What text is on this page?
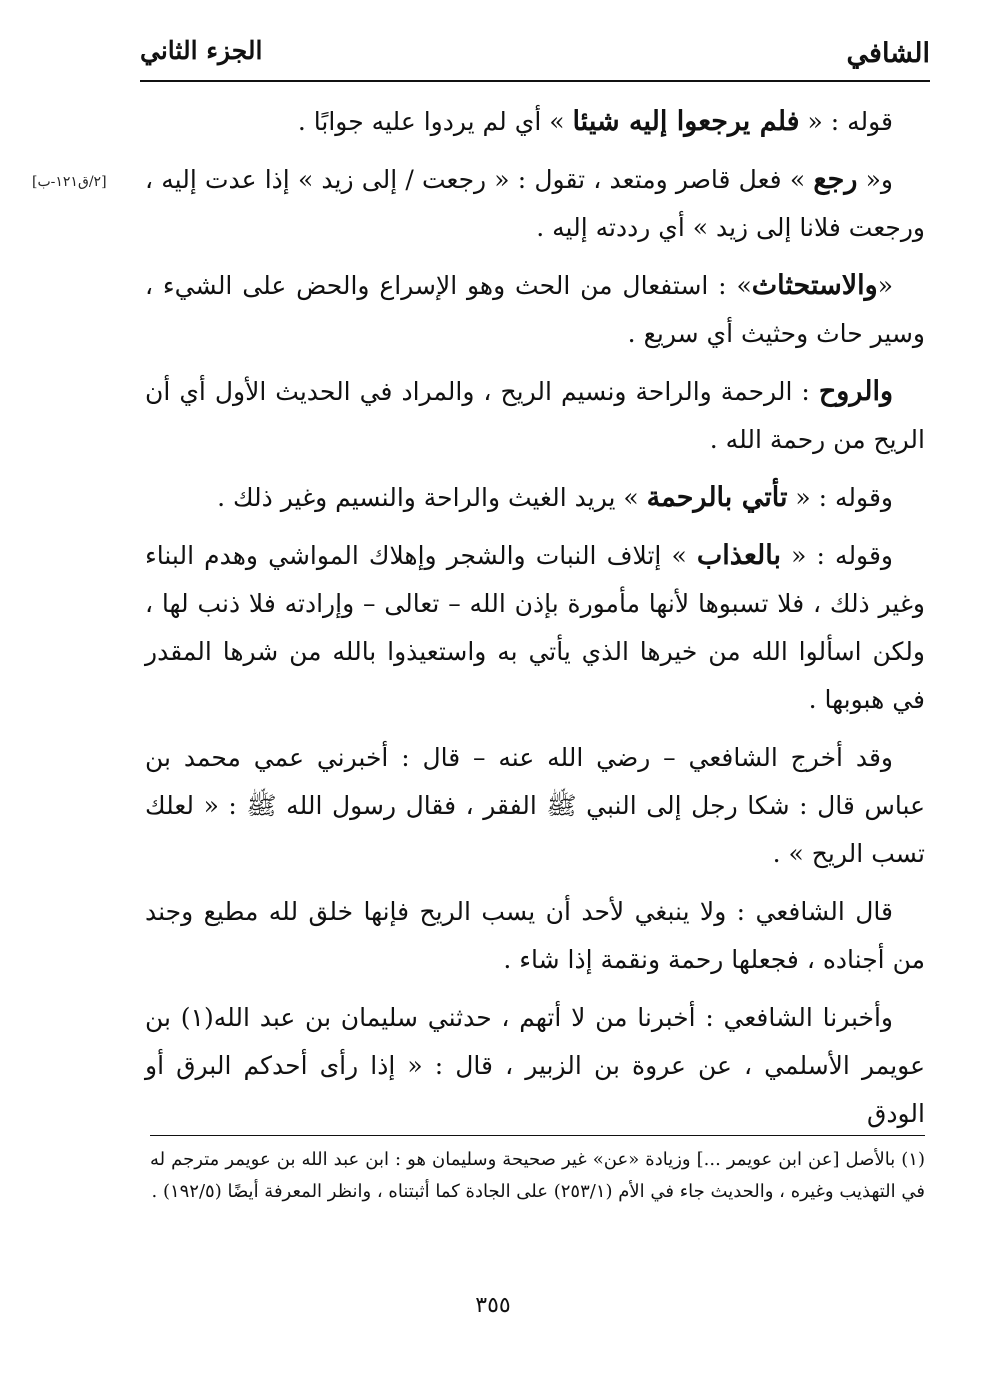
الشافي
الجزء الثاني
[٢/ق١٢١-ب]

قوله : « فلم يرجعوا إليه شيئا » أي لم يردوا عليه جوابًا .

و« رجع » فعل قاصر ومتعد ، تقول : « رجعت / إلى زيد » إذا عدت إليه ، ورجعت فلانا إلى زيد » أي رددته إليه .

«والاستحثاث» : استفعال من الحث وهو الإسراع والحض على الشيء ، وسير حاث وحثيث أي سريع .

والروح : الرحمة والراحة ونسيم الريح ، والمراد في الحديث الأول أي أن الريح من رحمة الله .

وقوله : « تأتي بالرحمة » يريد الغيث والراحة والنسيم وغير ذلك .

وقوله : « بالعذاب » إتلاف النبات والشجر وإهلاك المواشي وهدم البناء وغير ذلك ، فلا تسبوها لأنها مأمورة بإذن الله – تعالى – وإرادته فلا ذنب لها ، ولكن اسألوا الله من خيرها الذي يأتي به واستعيذوا بالله من شرها المقدر في هبوبها .

وقد أخرج الشافعي – رضي الله عنه – قال : أخبرني عمي محمد بن عباس قال : شكا رجل إلى النبي ﷺ الفقر ، فقال رسول الله ﷺ : « لعلك تسب الريح » .

قال الشافعي : ولا ينبغي لأحد أن يسب الريح فإنها خلق لله مطيع وجند من أجناده ، فجعلها رحمة ونقمة إذا شاء .

وأخبرنا الشافعي : أخبرنا من لا أتهم ، حدثني سليمان بن عبد الله(١) بن عويمر الأسلمي ، عن عروة بن الزبير ، قال : « إذا رأى أحدكم البرق أو الودق

(١) بالأصل [عن ابن عويمر ...] وزيادة «عن» غير صحيحة وسليمان هو : ابن عبد الله بن عويمر مترجم له في التهذيب وغيره ، والحديث جاء في الأم (٢٥٣/١) على الجادة كما أثبتناه ، وانظر المعرفة أيضًا (١٩٢/٥) .
٣٥٥
